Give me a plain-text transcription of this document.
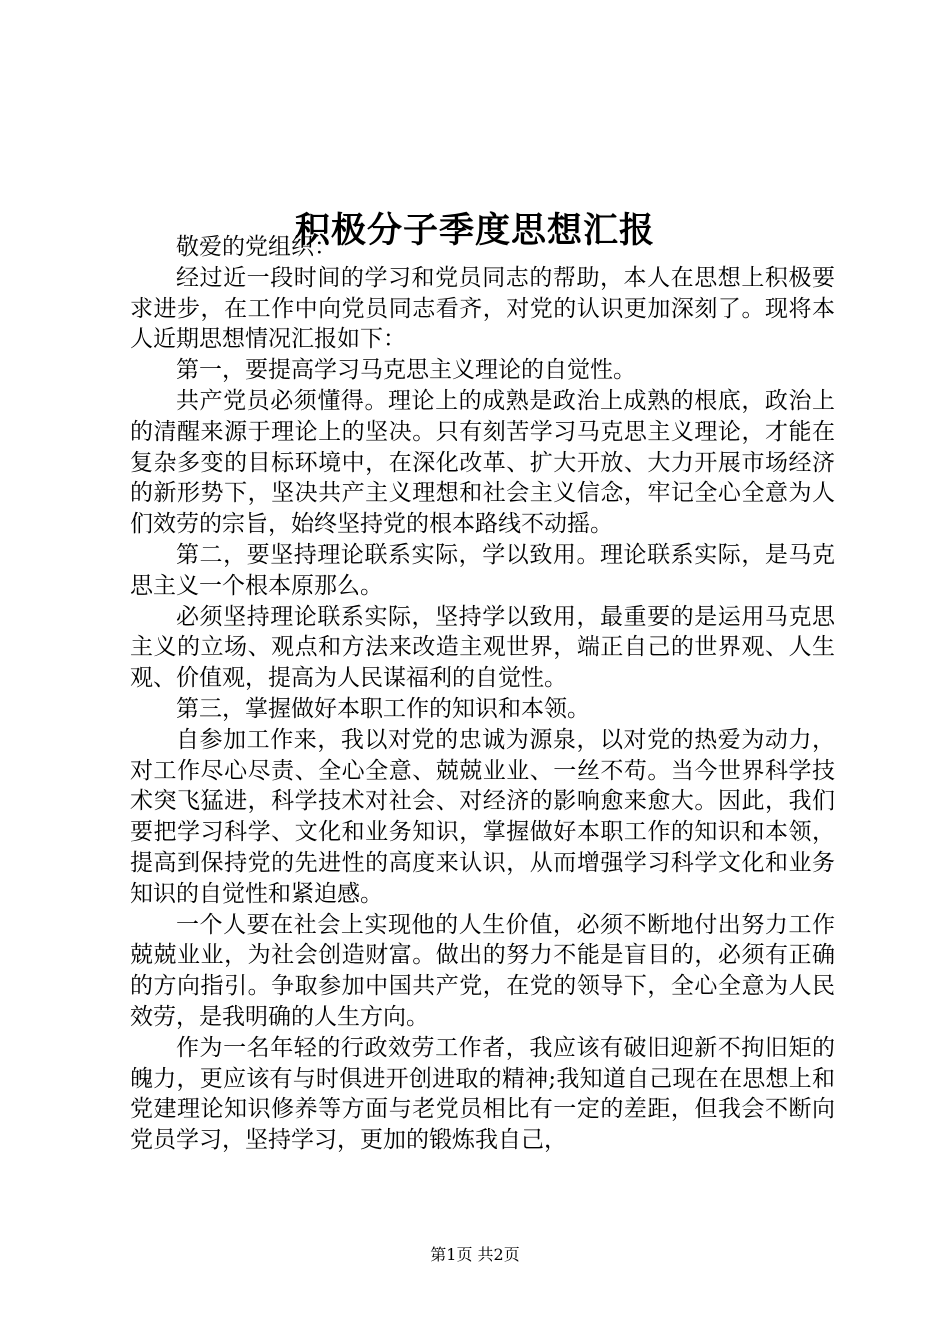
积极分子季度思想汇报

敬爱的党组织：

经过近一段时间的学习和党员同志的帮助，本人在思想上积极要求进步，在工作中向党员同志看齐，对党的认识更加深刻了。现将本人近期思想情况汇报如下：

第一，要提高学习马克思主义理论的自觉性。

共产党员必须懂得。理论上的成熟是政治上成熟的根底，政治上的清醒来源于理论上的坚决。只有刻苦学习马克思主义理论，才能在复杂多变的目标环境中，在深化改革、扩大开放、大力开展市场经济的新形势下，坚决共产主义理想和社会主义信念，牢记全心全意为人们效劳的宗旨，始终坚持党的根本路线不动摇。

第二，要坚持理论联系实际，学以致用。理论联系实际，是马克思主义一个根本原那么。

必须坚持理论联系实际，坚持学以致用，最重要的是运用马克思主义的立场、观点和方法来改造主观世界，端正自己的世界观、人生观、价值观，提高为人民谋福利的自觉性。

第三，掌握做好本职工作的知识和本领。

自参加工作来，我以对党的忠诚为源泉，以对党的热爱为动力，对工作尽心尽责、全心全意、兢兢业业、一丝不苟。当今世界科学技术突飞猛进，科学技术对社会、对经济的影响愈来愈大。因此，我们要把学习科学、文化和业务知识，掌握做好本职工作的知识和本领，提高到保持党的先进性的高度来认识，从而增强学习科学文化和业务知识的自觉性和紧迫感。

一个人要在社会上实现他的人生价值，必须不断地付出努力工作兢兢业业，为社会创造财富。做出的努力不能是盲目的，必须有正确的方向指引。争取参加中国共产党，在党的领导下，全心全意为人民效劳，是我明确的人生方向。

作为一名年轻的行政效劳工作者，我应该有破旧迎新不拘旧矩的魄力，更应该有与时俱进开创进取的精神;我知道自己现在在思想上和党建理论知识修养等方面与老党员相比有一定的差距，但我会不断向党员学习，坚持学习，更加的锻炼我自己，

第1页 共2页
